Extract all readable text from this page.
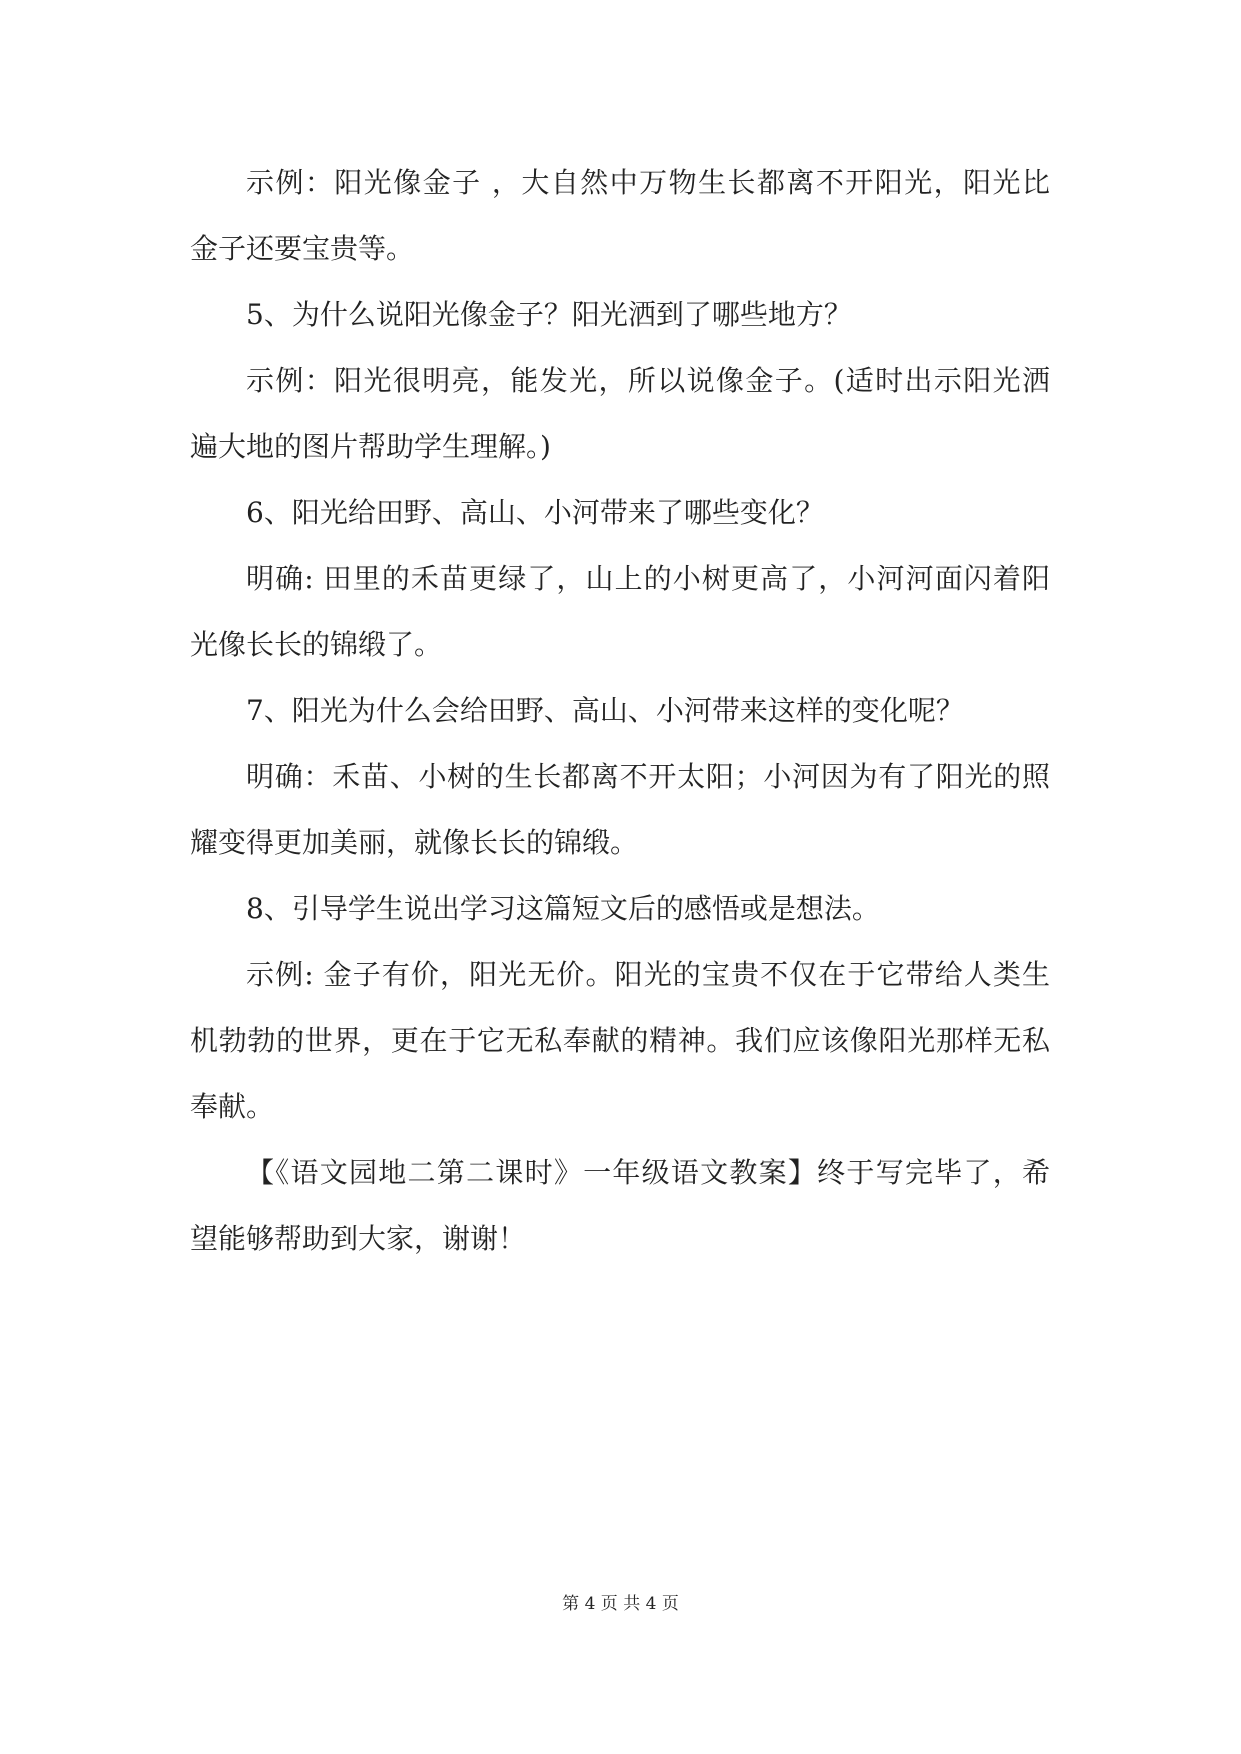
示例：阳光像金子 ，大自然中万物生长都离不开阳光，阳光比
金子还要宝贵等。
5、为什么说阳光像金子？阳光洒到了哪些地方？
示例：阳光很明亮，能发光，所以说像金子。(适时出示阳光洒
遍大地的图片帮助学生理解。)
6、阳光给田野、高山、小河带来了哪些变化？
明确: 田里的禾苗更绿了，山上的小树更高了，小河河面闪着阳
光像长长的锦缎了。
7、阳光为什么会给田野、高山、小河带来这样的变化呢？
明确：禾苗、小树的生长都离不开太阳；小河因为有了阳光的照
耀变得更加美丽，就像长长的锦缎。
8、引导学生说出学习这篇短文后的感悟或是想法。
示例: 金子有价，阳光无价。阳光的宝贵不仅在于它带给人类生
机勃勃的世界，更在于它无私奉献的精神。我们应该像阳光那样无私
奉献。
【《语文园地二第二课时》一年级语文教案】终于写完毕了，希
望能够帮助到大家，谢谢！
第 4 页 共 4 页
